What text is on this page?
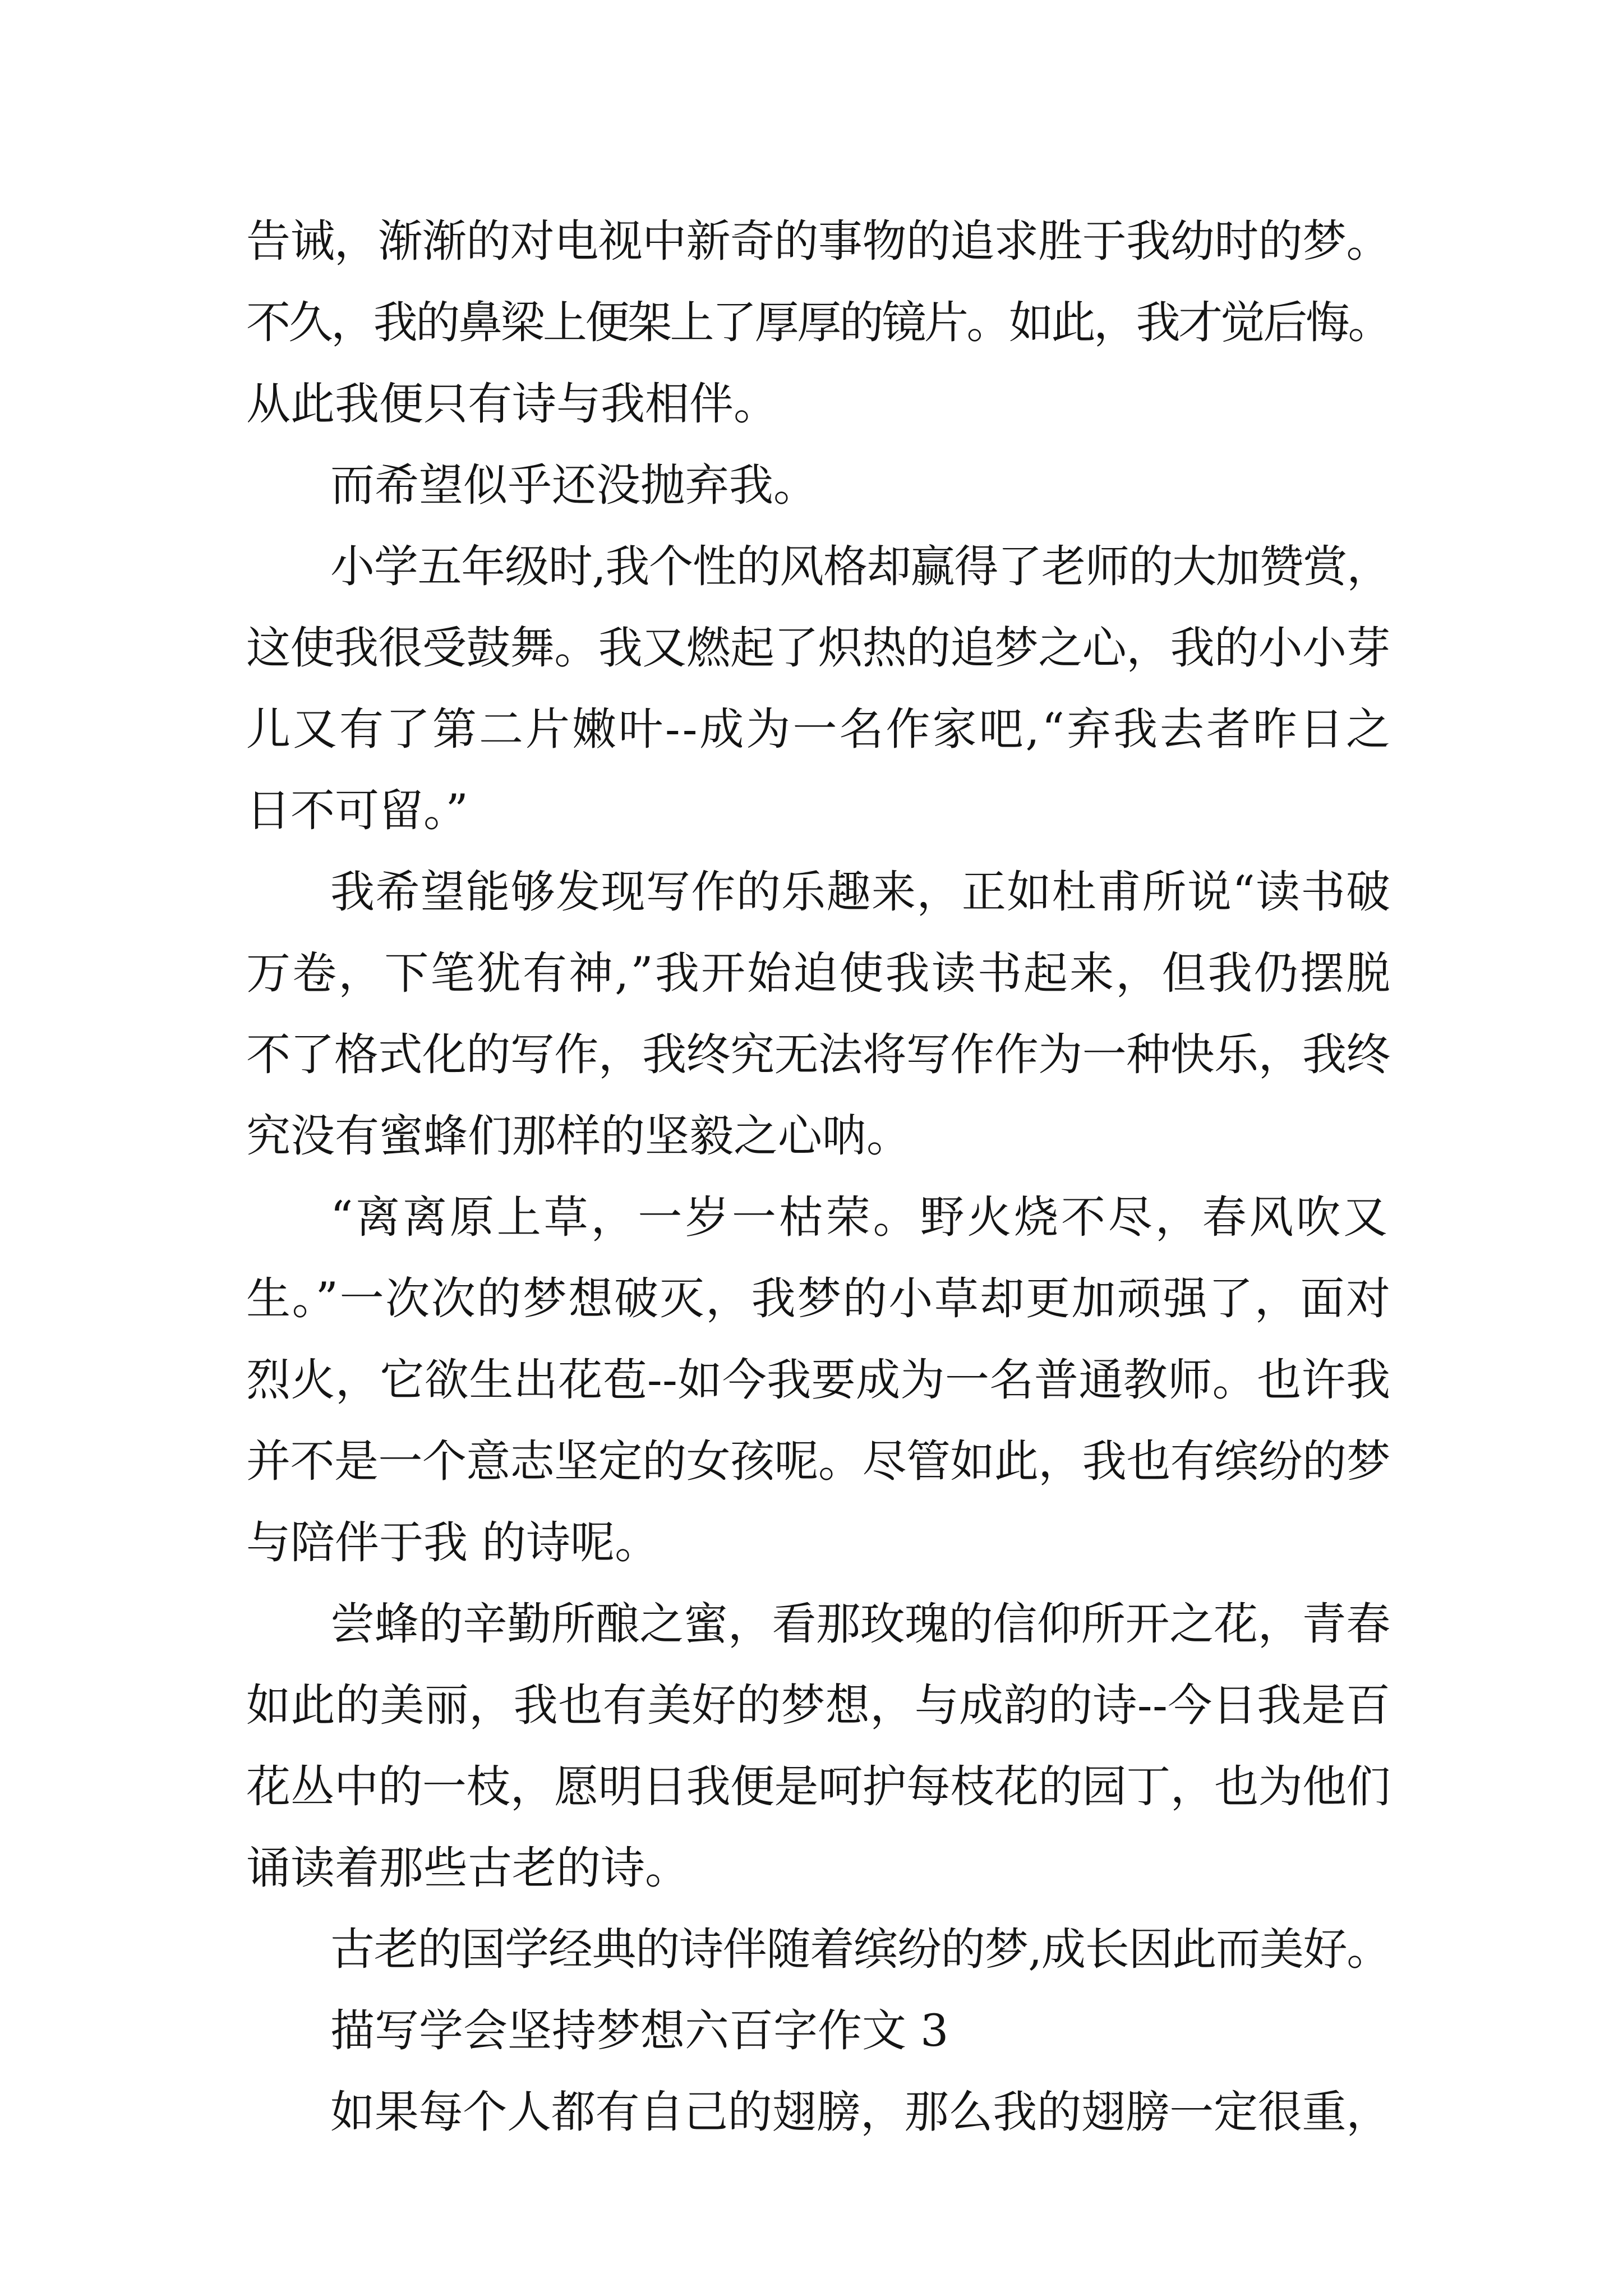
告诫，渐渐的对电视中新奇的事物的追求胜于我幼时的梦。
不久，我的鼻梁上便架上了厚厚的镜片。如此，我才觉后悔。
从此我便只有诗与我相伴。
而希望似乎还没抛弃我。
小学五年级时,我个性的风格却赢得了老师的大加赞赏，
这使我很受鼓舞。我又燃起了炽热的追梦之心，我的小小芽
儿又有了第二片嫩叶--成为一名作家吧,“弃我去者昨日之
日不可留。”
我希望能够发现写作的乐趣来，正如杜甫所说“读书破
万卷，下笔犹有神,”我开始迫使我读书起来，但我仍摆脱
不了格式化的写作，我终究无法将写作作为一种快乐，我终
究没有蜜蜂们那样的坚毅之心呐。
“离离原上草，一岁一枯荣。野火烧不尽，春风吹又
生。”一次次的梦想破灭，我梦的小草却更加顽强了，面对
烈火，它欲生出花苞--如今我要成为一名普通教师。也许我
并不是一个意志坚定的女孩呢。尽管如此，我也有缤纷的梦
与陪伴于我 的诗呢。
尝蜂的辛勤所酿之蜜，看那玫瑰的信仰所开之花，青春
如此的美丽，我也有美好的梦想，与成韵的诗--今日我是百
花丛中的一枝，愿明日我便是呵护每枝花的园丁，也为他们
诵读着那些古老的诗。
古老的国学经典的诗伴随着缤纷的梦,成长因此而美好。
描写学会坚持梦想六百字作文 3
如果每个人都有自己的翅膀，那么我的翅膀一定很重，
